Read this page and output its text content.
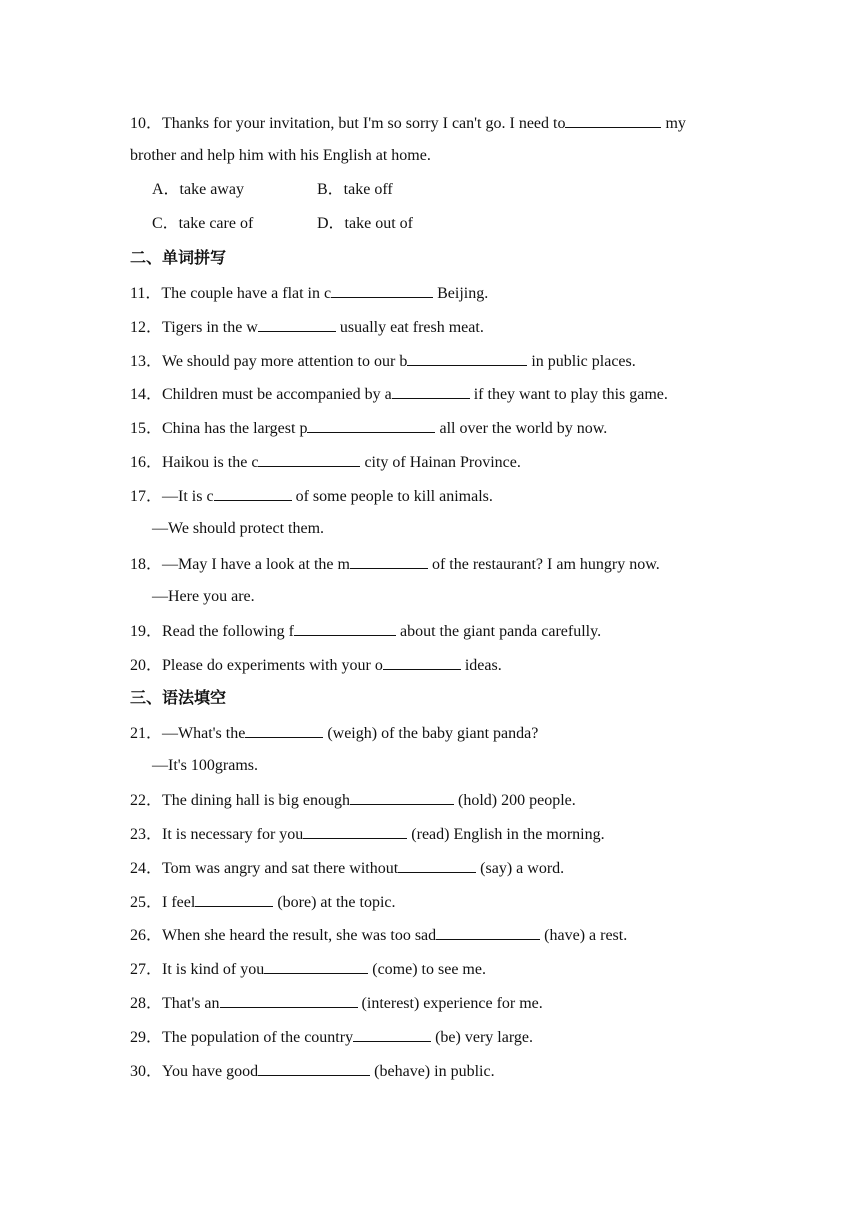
10．Thanks for your invitation, but I'm so sorry I can't go. I need to	my
brother and help him with his English at home.
A．take away	B．take off
C．take care of	D．take out of
二、单词拼写
11．The couple have a flat in c	Beijing.
12．Tigers in the w	usually eat fresh meat.
13．We should pay more attention to our b	in public places.
14．Children must be accompanied by a	if they want to play this game.
15．China has the largest p	all over the world by now.
16．Haikou is the c	city of Hainan Province.
17．—It is c	of some people to kill animals.
—We should protect them.
18．—May I have a look at the m	of the restaurant? I am hungry now.
—Here you are.
19．Read the following f	about the giant panda carefully.
20．Please do experiments with your o	ideas.
三、语法填空
21．—What's the	(weigh) of the baby giant panda?
—It's 100grams.
22．The dining hall is big enough	(hold) 200 people.
23．It is necessary for you	(read) English in the morning.
24．Tom was angry and sat there without	(say) a word.
25．I feel	(bore) at the topic.
26．When she heard the result, she was too sad	(have) a rest.
27．It is kind of you	(come) to see me.
28．That's an	(interest) experience for me.
29．The population of the country	(be) very large.
30．You have good	(behave) in public.
